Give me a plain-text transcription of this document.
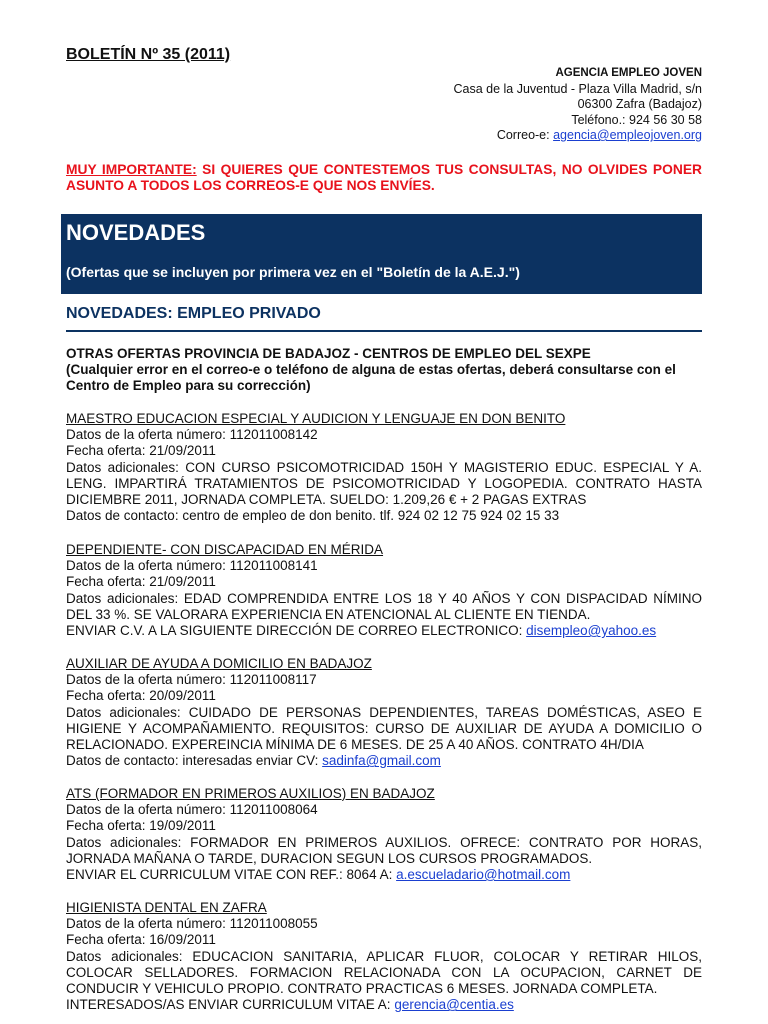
BOLETÍN Nº 35 (2011)
AGENCIA EMPLEO JOVEN
Casa de la Juventud - Plaza Villa Madrid, s/n
06300 Zafra (Badajoz)
Teléfono.: 924 56 30 58
Correo-e: agencia@empleojoven.org
MUY IMPORTANTE: SI QUIERES QUE CONTESTEMOS TUS CONSULTAS, NO OLVIDES PONER ASUNTO A TODOS LOS CORREOS-E QUE NOS ENVÍES.
NOVEDADES
(Ofertas que se incluyen por primera vez en el "Boletín de la A.E.J.")
NOVEDADES: EMPLEO PRIVADO
OTRAS OFERTAS PROVINCIA DE BADAJOZ - CENTROS DE EMPLEO DEL SEXPE
(Cualquier error en el correo-e o teléfono de alguna de estas ofertas, deberá consultarse con el Centro de Empleo para su corrección)
MAESTRO EDUCACION ESPECIAL Y AUDICION Y LENGUAJE EN DON BENITO
Datos de la oferta número: 112011008142
Fecha oferta: 21/09/2011
Datos adicionales: CON CURSO PSICOMOTRICIDAD 150H Y MAGISTERIO EDUC. ESPECIAL Y A. LENG. IMPARTIRÁ TRATAMIENTOS DE PSICOMOTRICIDAD Y LOGOPEDIA. CONTRATO HASTA DICIEMBRE 2011, JORNADA COMPLETA. SUELDO: 1.209,26 € + 2 PAGAS EXTRAS
Datos de contacto: centro de empleo de don benito. tlf. 924 02 12 75 924 02 15 33
DEPENDIENTE- CON DISCAPACIDAD EN MÉRIDA
Datos de la oferta número: 112011008141
Fecha oferta: 21/09/2011
Datos adicionales: EDAD COMPRENDIDA ENTRE LOS 18 Y 40 AÑOS Y CON DISPACIDAD NÍMINO DEL 33 %. SE VALORARA EXPERIENCIA EN ATENCIONAL AL CLIENTE EN TIENDA.
ENVIAR C.V. A LA SIGUIENTE DIRECCIÓN DE CORREO ELECTRONICO: disempleo@yahoo.es
AUXILIAR DE AYUDA A DOMICILIO EN BADAJOZ
Datos de la oferta número: 112011008117
Fecha oferta: 20/09/2011
Datos adicionales: CUIDADO DE PERSONAS DEPENDIENTES, TAREAS DOMÉSTICAS, ASEO E HIGIENE Y ACOMPAÑAMIENTO. REQUISITOS: CURSO DE AUXILIAR DE AYUDA A DOMICILIO O RELACIONADO. EXPEREINCIA MÍNIMA DE 6 MESES. DE 25 A 40 AÑOS. CONTRATO 4H/DIA
Datos de contacto: interesadas enviar CV: sadinfa@gmail.com
ATS (FORMADOR EN PRIMEROS AUXILIOS) EN BADAJOZ
Datos de la oferta número: 112011008064
Fecha oferta: 19/09/2011
Datos adicionales: FORMADOR EN PRIMEROS AUXILIOS. OFRECE: CONTRATO POR HORAS, JORNADA MAÑANA O TARDE, DURACION SEGUN LOS CURSOS PROGRAMADOS.
ENVIAR EL CURRICULUM VITAE CON REF.: 8064 A: a.escueladario@hotmail.com
HIGIENISTA DENTAL EN ZAFRA
Datos de la oferta número: 112011008055
Fecha oferta: 16/09/2011
Datos adicionales: EDUCACION SANITARIA, APLICAR FLUOR, COLOCAR Y RETIRAR HILOS, COLOCAR SELLADORES. FORMACION RELACIONADA CON LA OCUPACION, CARNET DE CONDUCIR Y VEHICULO PROPIO. CONTRATO PRACTICAS 6 MESES. JORNADA COMPLETA.
INTERESADOS/AS ENVIAR CURRICULUM VITAE A: gerencia@centia.es
